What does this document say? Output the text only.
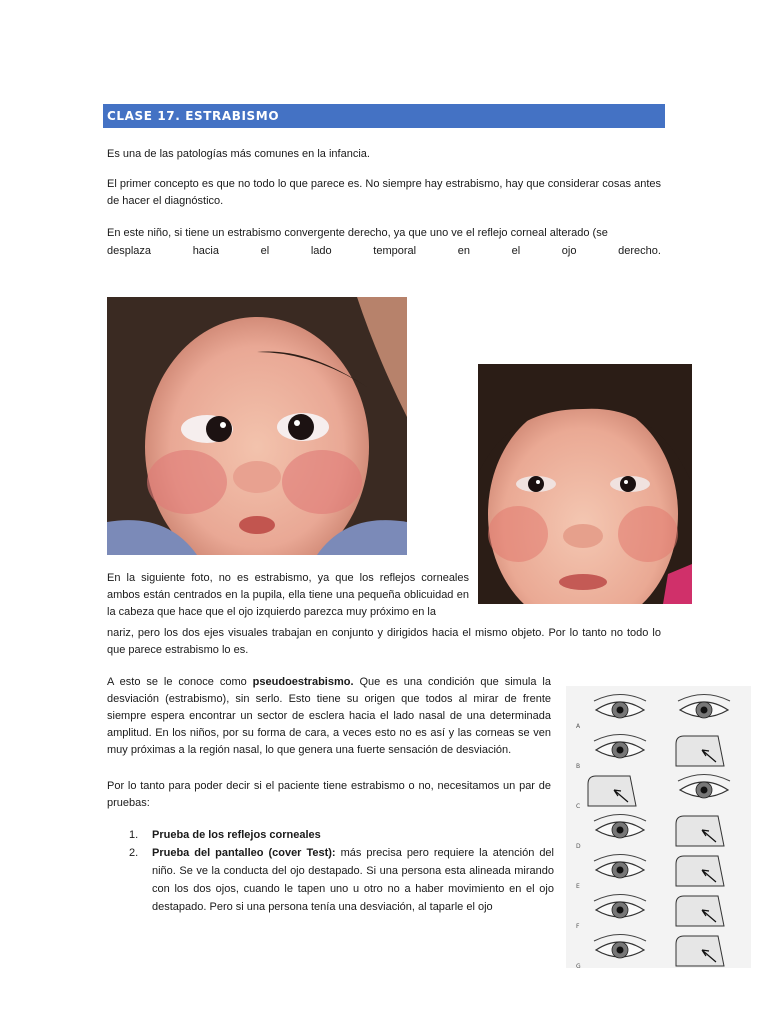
CLASE 17. ESTRABISMO

Es una de las patologías más comunes en la infancia.

El primer concepto es que no todo lo que parece es. No siempre hay estrabismo, hay que considerar cosas antes de hacer el diagnóstico.

En este niño, si tiene un estrabismo convergente derecho, ya que uno ve el reflejo corneal alterado (se

desplaza	hacia	el	lado	temporal	en	el	ojo	derecho.

En la siguiente foto, no es estrabismo, ya que los reflejos corneales ambos están centrados en la pupila, ella tiene una pequeña oblicuidad en la cabeza que hace que el ojo izquierdo parezca muy próximo en la

nariz, pero los dos ejes visuales trabajan en conjunto y dirigidos hacia el mismo objeto. Por lo tanto no todo lo que parece estrabismo lo es.

A esto se le conoce como pseudoestrabismo. Que es una condición que simula la desviación (estrabismo), sin serlo. Esto tiene su origen que todos al mirar de frente siempre espera encontrar un sector de esclera hacia el lado nasal de una determinada amplitud. En los niños, por su forma de cara, a veces esto no es así y las corneas se ven muy próximas a la región nasal, lo que genera una fuerte sensación de desviación.

Por lo tanto para poder decir si el paciente tiene estrabismo o no, necesitamos un par de pruebas:

1. Prueba de los reflejos corneales
2. Prueba del pantalleo (cover Test): más precisa pero requiere la atención del niño. Se ve la conducta del ojo destapado. Si una persona esta alineada mirando con los dos ojos, cuando le tapen uno u otro no a haber movimiento en el ojo destapado. Pero si una persona tenía una desviación, al taparle el ojo
A
B
C
D
E
F
G
